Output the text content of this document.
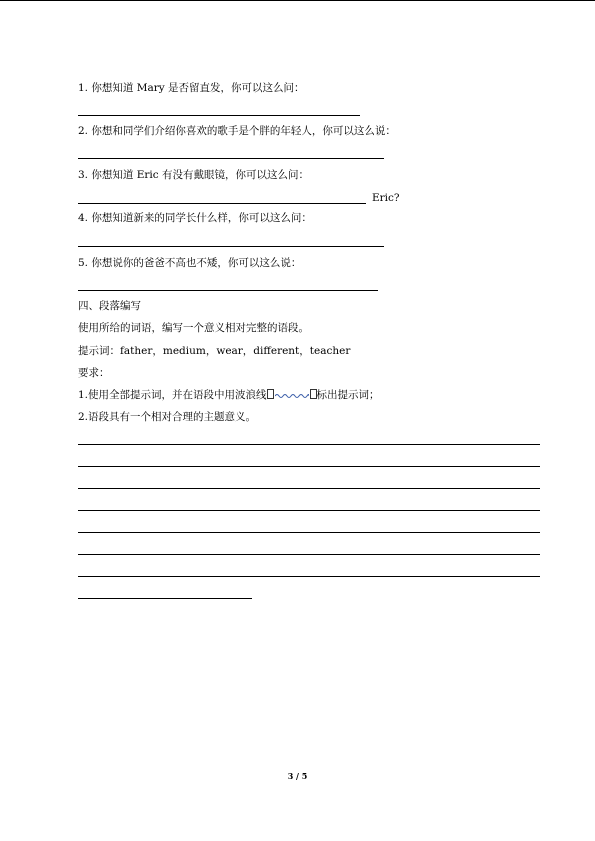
1. 你想知道 Mary 是否留直发，你可以这么问：
2. 你想和同学们介绍你喜欢的歌手是个胖的年轻人，你可以这么说：
3. 你想知道 Eric 有没有戴眼镜，你可以这么问：
Eric?
4. 你想知道新来的同学长什么样，你可以这么问：
5. 你想说你的爸爸不高也不矮，你可以这么说：
四、段落编写
使用所给的词语，编写一个意义相对完整的语段。
提示词：father，medium，wear，different，teacher
要求：
1.使用全部提示词，并在语段中用波浪线	标出提示词；
2.语段具有一个相对合理的主题意义。
3 / 5
